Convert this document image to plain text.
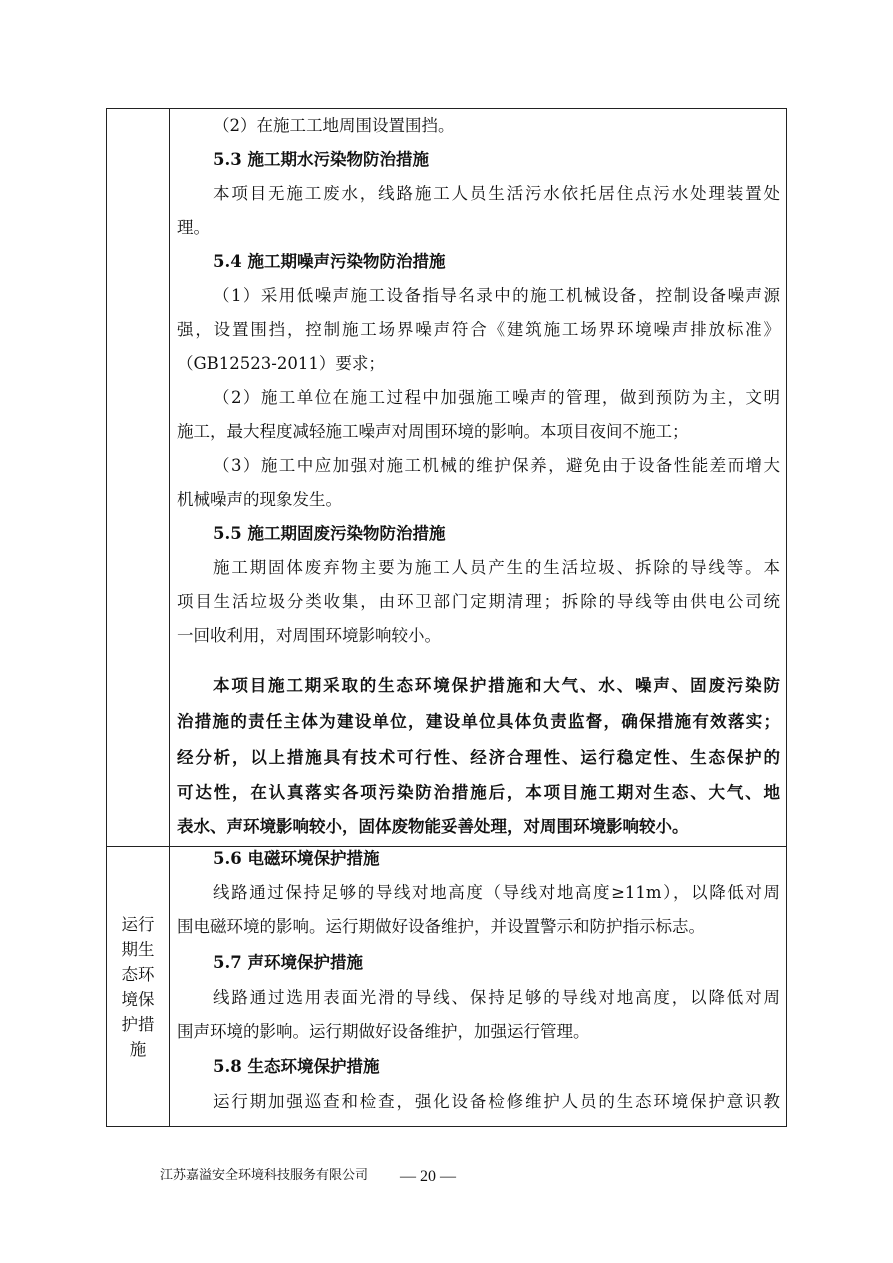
运行期生态环境保护措施
（2）在施工工地周围设置围挡。
5.3 施工期水污染物防治措施
本项目无施工废水，线路施工人员生活污水依托居住点污水处理装置处
理。
5.4 施工期噪声污染物防治措施
（1）采用低噪声施工设备指导名录中的施工机械设备，控制设备噪声源
强，设置围挡，控制施工场界噪声符合《建筑施工场界环境噪声排放标准》
（GB12523-2011）要求；
（2）施工单位在施工过程中加强施工噪声的管理，做到预防为主，文明
施工，最大程度减轻施工噪声对周围环境的影响。本项目夜间不施工；
（3）施工中应加强对施工机械的维护保养，避免由于设备性能差而增大
机械噪声的现象发生。
5.5 施工期固废污染物防治措施
施工期固体废弃物主要为施工人员产生的生活垃圾、拆除的导线等。本
项目生活垃圾分类收集，由环卫部门定期清理；拆除的导线等由供电公司统
一回收利用，对周围环境影响较小。
本项目施工期采取的生态环境保护措施和大气、水、噪声、固废污染防
治措施的责任主体为建设单位，建设单位具体负责监督，确保措施有效落实；
经分析，以上措施具有技术可行性、经济合理性、运行稳定性、生态保护的
可达性，在认真落实各项污染防治措施后，本项目施工期对生态、大气、地
表水、声环境影响较小，固体废物能妥善处理，对周围环境影响较小。
5.6 电磁环境保护措施
线路通过保持足够的导线对地高度（导线对地高度≥11m），以降低对周
围电磁环境的影响。运行期做好设备维护，并设置警示和防护指示标志。
5.7 声环境保护措施
线路通过选用表面光滑的导线、保持足够的导线对地高度，以降低对周
围声环境的影响。运行期做好设备维护，加强运行管理。
5.8 生态环境保护措施
运行期加强巡查和检查，强化设备检修维护人员的生态环境保护意识教
江苏嘉溢安全环境科技服务有限公司 — 20 —
